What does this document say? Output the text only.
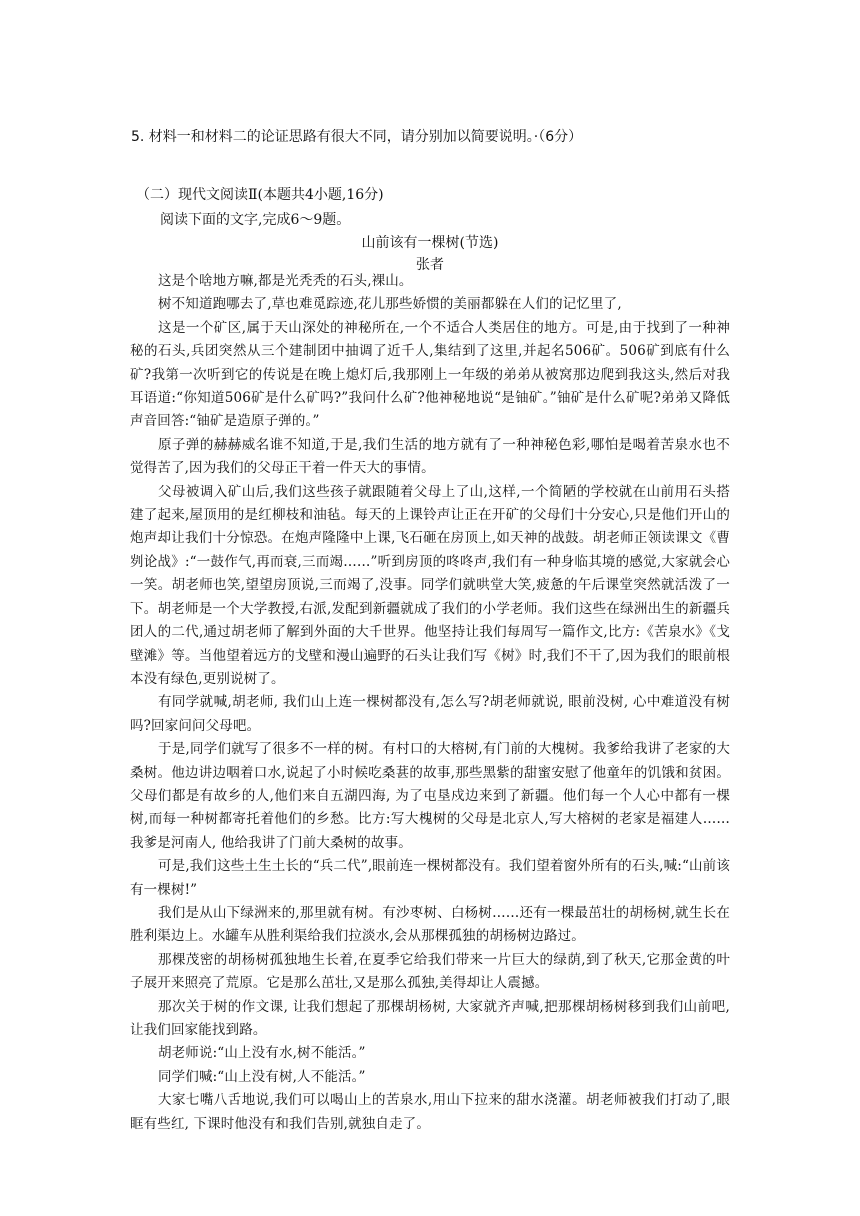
5. 材料一和材料二的论证思路有很大不同，请分别加以简要说明。·（6分）

（二）现代文阅读Ⅱ(本题共4小题,16分)

阅读下面的文字,完成6～9题。

山前该有一棵树(节选)

张者

这是个啥地方嘛,都是光秃秃的石头,裸山。

树不知道跑哪去了,草也难觅踪迹,花儿那些娇惯的美丽都躲在人们的记忆里了,

这是一个矿区,属于天山深处的神秘所在,一个不适合人类居住的地方。可是,由于找到了一种神秘的石头,兵团突然从三个建制团中抽调了近千人,集结到了这里,并起名506矿。506矿到底有什么矿?我第一次听到它的传说是在晚上熄灯后,我那刚上一年级的弟弟从被窝那边爬到我这头,然后对我耳语道:“你知道506矿是什么矿吗?”我问什么矿?他神秘地说“是铀矿。”铀矿是什么矿呢?弟弟又降低声音回答:“铀矿是造原子弹的。”

原子弹的赫赫威名谁不知道,于是,我们生活的地方就有了一种神秘色彩,哪怕是喝着苦泉水也不觉得苦了,因为我们的父母正干着一件天大的事情。

父母被调入矿山后,我们这些孩子就跟随着父母上了山,这样,一个简陋的学校就在山前用石头搭建了起来,屋顶用的是红柳枝和油毡。每天的上课铃声让正在开矿的父母们十分安心,只是他们开山的炮声却让我们十分惊恐。在炮声隆隆中上课,飞石砸在房顶上,如天神的战鼓。胡老师正领读课文《曹刿论战》:“一鼓作气,再而衰,三而竭……”听到房顶的咚咚声,我们有一种身临其境的感觉,大家就会心一笑。胡老师也笑,望望房顶说,三而竭了,没事。同学们就哄堂大笑,疲惫的午后课堂突然就活泼了一下。胡老师是一个大学教授,右派,发配到新疆就成了我们的小学老师。我们这些在绿洲出生的新疆兵团人的二代,通过胡老师了解到外面的大千世界。他坚持让我们每周写一篇作文,比方:《苦泉水》《戈壁滩》等。当他望着远方的戈壁和漫山遍野的石头让我们写《树》时,我们不干了,因为我们的眼前根本没有绿色,更别说树了。

有同学就喊,胡老师, 我们山上连一棵树都没有,怎么写?胡老师就说, 眼前没树, 心中难道没有树吗?回家问问父母吧。

于是,同学们就写了很多不一样的树。有村口的大榕树,有门前的大槐树。我爹给我讲了老家的大桑树。他边讲边咽着口水,说起了小时候吃桑葚的故事,那些黑紫的甜蜜安慰了他童年的饥饿和贫困。父母们都是有故乡的人,他们来自五湖四海, 为了屯垦戍边来到了新疆。他们每一个人心中都有一棵树,而每一种树都寄托着他们的乡愁。比方:写大槐树的父母是北京人,写大榕树的老家是福建人……我爹是河南人, 他给我讲了门前大桑树的故事。

可是,我们这些土生土长的“兵二代”,眼前连一棵树都没有。我们望着窗外所有的石头,喊:“山前该有一棵树!”

我们是从山下绿洲来的,那里就有树。有沙枣树、白杨树……还有一棵最茁壮的胡杨树,就生长在胜利渠边上。水罐车从胜利渠给我们拉淡水,会从那棵孤独的胡杨树边路过。

那棵茂密的胡杨树孤独地生长着,在夏季它给我们带来一片巨大的绿荫,到了秋天,它那金黄的叶子展开来照亮了荒原。它是那么茁壮,又是那么孤独,美得却让人震撼。

那次关于树的作文课, 让我们想起了那棵胡杨树, 大家就齐声喊,把那棵胡杨树移到我们山前吧,让我们回家能找到路。

胡老师说:“山上没有水,树不能活。”

同学们喊:“山上没有树,人不能活。”

大家七嘴八舌地说,我们可以喝山上的苦泉水,用山下拉来的甜水浇灌。胡老师被我们打动了,眼眶有些红, 下课时他没有和我们告别,就独自走了。
